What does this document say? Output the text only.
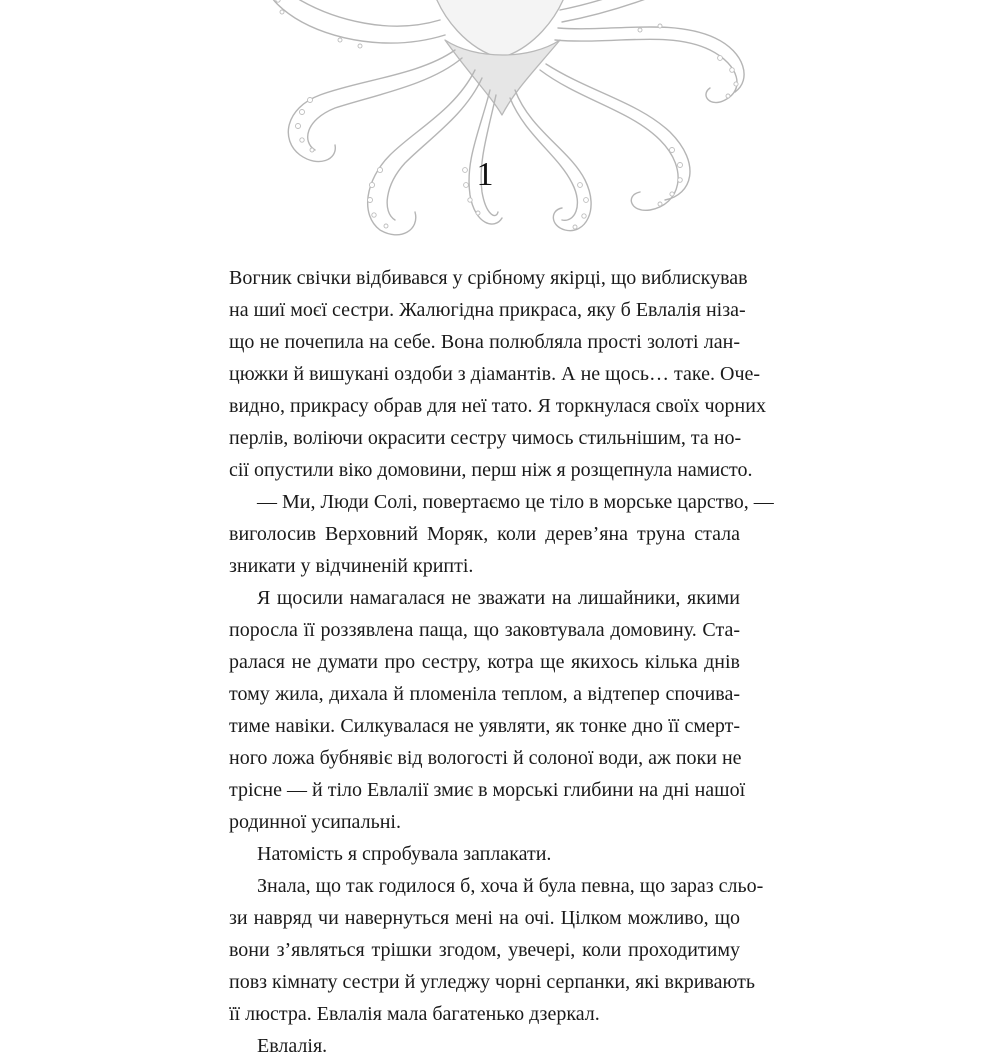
1
Вогник свічки відбивався у срібному якірці, що виблискував
на шиї моєї сестри. Жалюгідна прикраса, яку б Евлалія ніза-
що не почепила на себе. Вона полюбляла прості золоті лан-
цюжки й вишукані оздоби з діамантів. А не щось… таке. Оче-
видно, прикрасу обрав для неї тато. Я торкнулася своїх чорних
перлів, воліючи окрасити сестру чимось стильнішим, та но-
сії опустили віко домовини, перш ніж я розщепнула намисто.
— Ми, Люди Солі, повертаємо це тіло в морське царство, —
виголосив Верховний Моряк, коли дерев’яна труна стала
зникати у відчиненій крипті.
Я щосили намагалася не зважати на лишайники, якими
поросла її роззявлена паща, що заковтувала домовину. Ста-
ралася не думати про сестру, котра ще якихось кілька днів
тому жила, дихала й пломеніла теплом, а відтепер спочива-
тиме навіки. Силкувалася не уявляти, як тонке дно її смерт-
ного ложа бубнявіє від вологості й солоної води, аж поки не
трісне — й тіло Евлалії змиє в морські глибини на дні нашої
родинної усипальні.
Натомість я спробувала заплакати.
Знала, що так годилося б, хоча й була певна, що зараз сльо-
зи навряд чи навернуться мені на очі. Цілком можливо, що
вони з’являться трішки згодом, увечері, коли проходитиму
повз кімнату сестри й угледжу чорні серпанки, які вкривають
її люстра. Евлалія мала багатенько дзеркал.
Евлалія.
